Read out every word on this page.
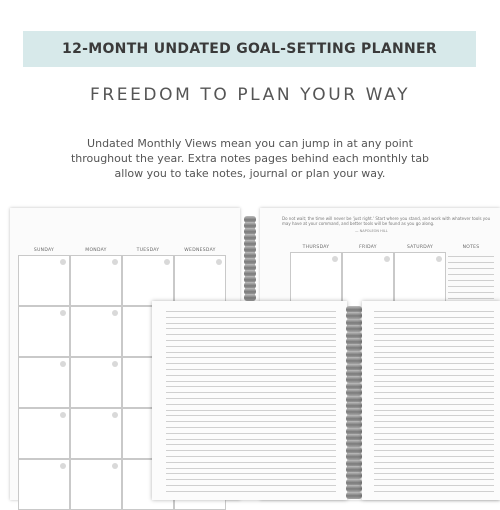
12-MONTH UNDATED GOAL-SETTING PLANNER
FREEDOM TO PLAN YOUR WAY
Undated Monthly Views mean you can jump in at any point
throughout the year. Extra notes pages behind each monthly tab
allow you to take notes, journal or plan your way.
SUNDAY	MONDAY	TUESDAY	WEDNESDAY
Do not wait; the time will never be 'just right.' Start where you stand, and work with whatever tools you may have at your command, and better tools will be found as you go along.
— NAPOLEON HILL
THURSDAY	FRIDAY	SATURDAY	NOTES
